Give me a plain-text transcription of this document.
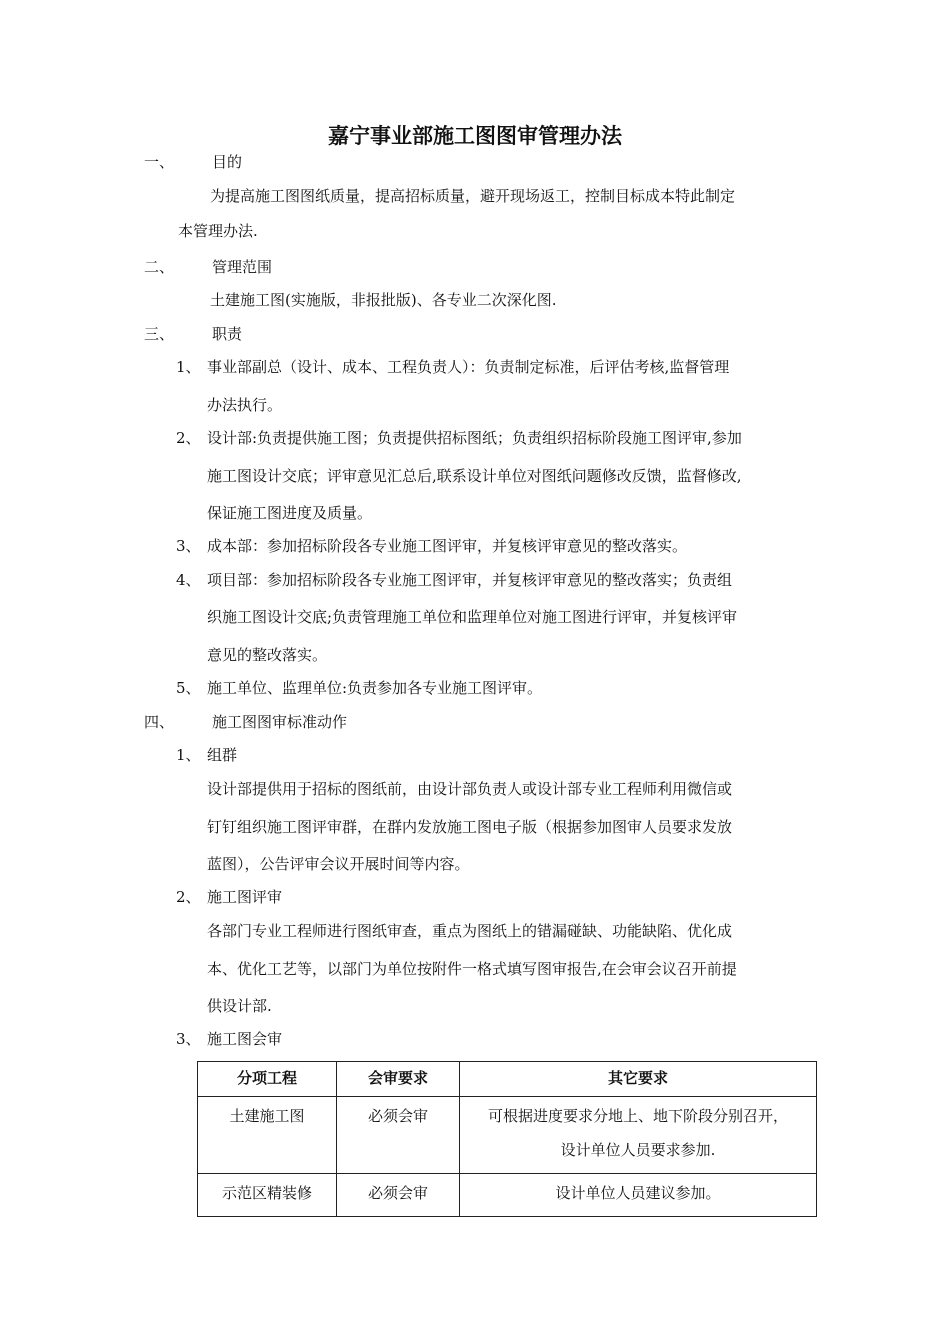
嘉宁事业部施工图图审管理办法
一、	目的
为提高施工图图纸质量，提高招标质量，避开现场返工，控制目标成本特此制定
本管理办法.
二、	管理范围
土建施工图(实施版，非报批版)、各专业二次深化图.
三、	职责
1、 事业部副总（设计、成本、工程负责人）：负责制定标准，后评估考核,监督管理
办法执行。
2、 设计部:负责提供施工图；负责提供招标图纸；负责组织招标阶段施工图评审,参加
施工图设计交底；评审意见汇总后,联系设计单位对图纸问题修改反馈，监督修改,
保证施工图进度及质量。
3、 成本部：参加招标阶段各专业施工图评审，并复核评审意见的整改落实。
4、 项目部：参加招标阶段各专业施工图评审，并复核评审意见的整改落实；负责组
织施工图设计交底;负责管理施工单位和监理单位对施工图进行评审，并复核评审
意见的整改落实。
5、 施工单位、监理单位:负责参加各专业施工图评审。
四、	施工图图审标准动作
1、 组群
设计部提供用于招标的图纸前，由设计部负责人或设计部专业工程师利用微信或
钉钉组织施工图评审群，在群内发放施工图电子版（根据参加图审人员要求发放
蓝图），公告评审会议开展时间等内容。
2、 施工图评审
各部门专业工程师进行图纸审查，重点为图纸上的错漏碰缺、功能缺陷、优化成
本、优化工艺等，以部门为单位按附件一格式填写图审报告,在会审会议召开前提
供设计部.
3、 施工图会审
分项工程	会审要求	其它要求
土建施工图	必须会审	可根据进度要求分地上、地下阶段分别召开，
设计单位人员要求参加.

示范区精装修	必须会审	设计单位人员建议参加。
